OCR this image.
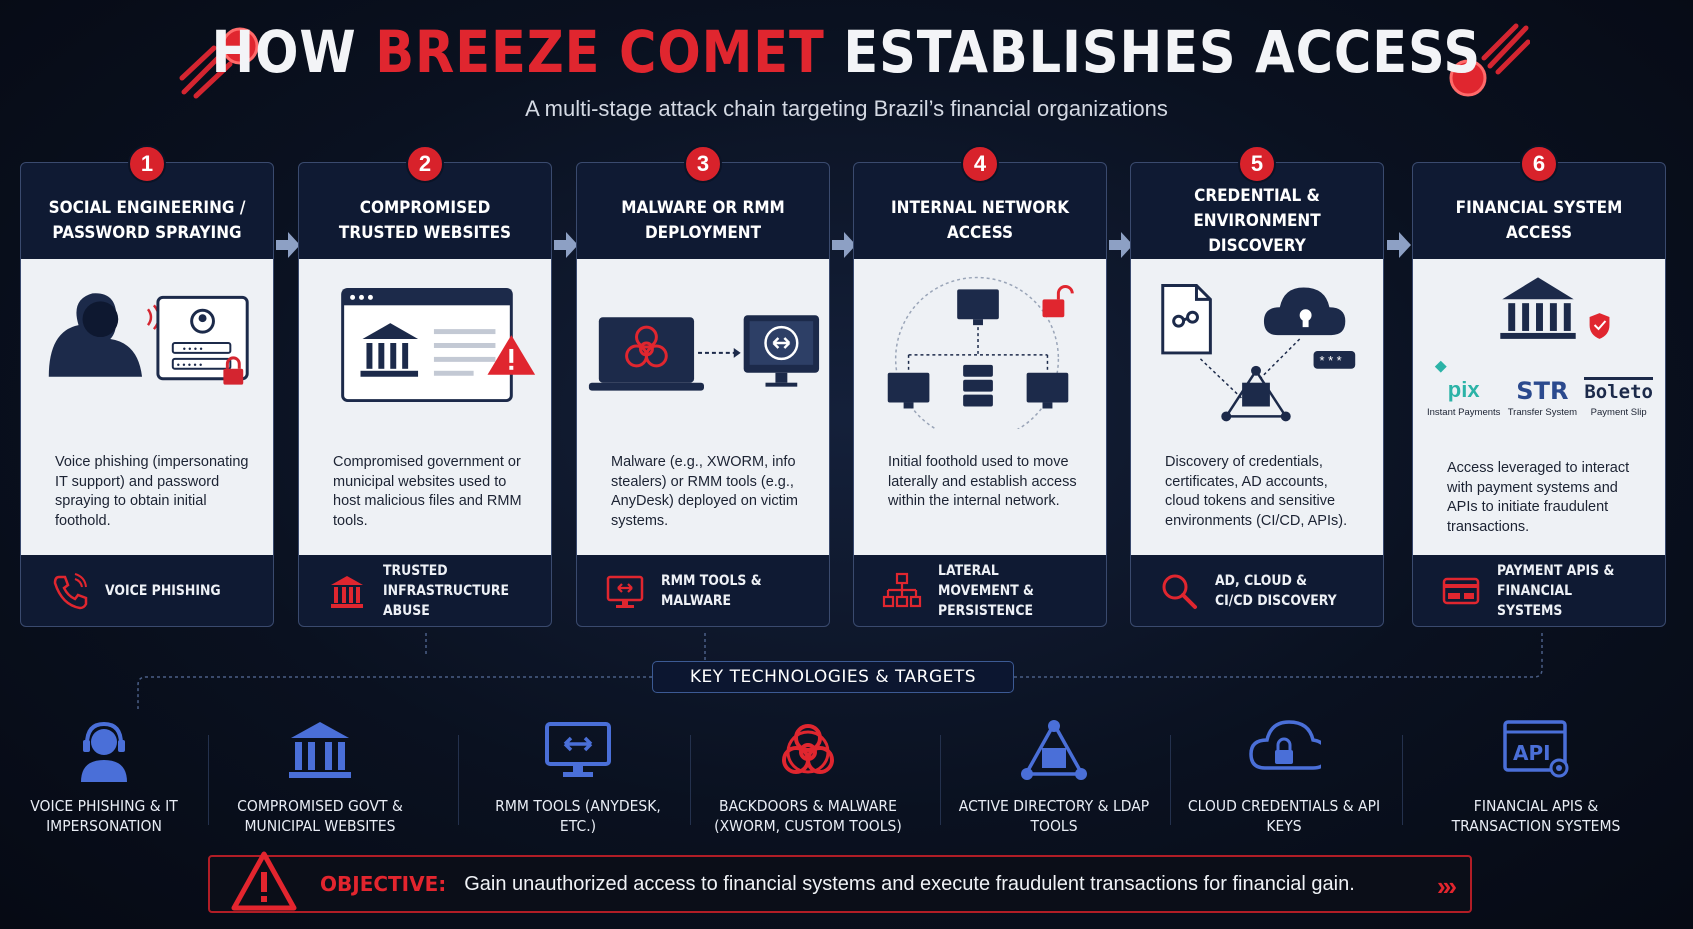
HOW BREEZE COMET ESTABLISHES ACCESS
A multi-stage attack chain targeting Brazil’s financial organizations
1
SOCIAL ENGINEERING / PASSWORD SPRAYING
• • • •
• • • • •
Voice phishing (impersonating IT support) and password spraying to obtain initial foothold.
VOICE PHISHING
2
COMPROMISED TRUSTED WEBSITES
Compromised government or municipal websites used to host malicious files and RMM tools.
TRUSTED INFRASTRUCTURE ABUSE
3
MALWARE OR RMM DEPLOYMENT
Malware (e.g., XWORM, info stealers) or RMM tools (e.g., AnyDesk) deployed on victim systems.
RMM TOOLS & MALWARE
4
INTERNAL NETWORK ACCESS
Initial foothold used to move laterally and establish access within the internal network.
LATERAL MOVEMENT & PERSISTENCE
5
CREDENTIAL & ENVIRONMENT DISCOVERY
* * *
Discovery of credentials, certificates, AD accounts, cloud tokens and sensitive environments (CI/CD, APIs).
AD, CLOUD & CI/CD DISCOVERY
6
FINANCIAL SYSTEM ACCESS
pix
Instant Payments
STR
Transfer System
Boleto
Payment Slip
Access leveraged to interact with payment systems and APIs to initiate fraudulent transactions.
PAYMENT APIS & FINANCIAL SYSTEMS
KEY TECHNOLOGIES & TARGETS
VOICE PHISHING & IT IMPERSONATION
COMPROMISED GOVT & MUNICIPAL WEBSITES
RMM TOOLS (ANYDESK, ETC.)
BACKDOORS & MALWARE (XWORM, CUSTOM TOOLS)
ACTIVE DIRECTORY & LDAP TOOLS
CLOUD CREDENTIALS & API KEYS
API
FINANCIAL APIS & TRANSACTION SYSTEMS
OBJECTIVE: Gain unauthorized access to financial systems and execute fraudulent transactions for financial gain.	›››
